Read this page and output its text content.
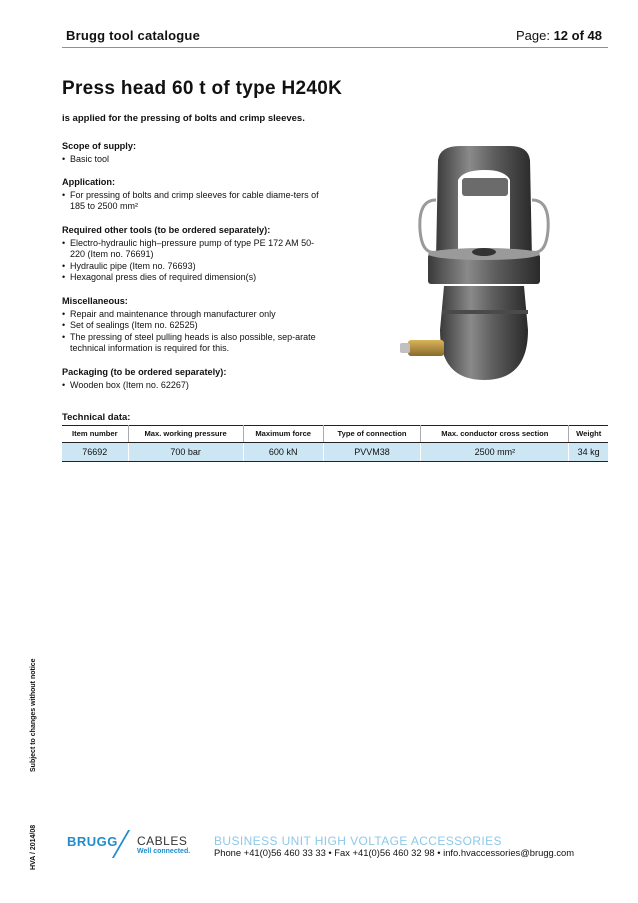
Brugg tool catalogue	Page: 12 of 48
Press head 60 t of type H240K
is applied for the pressing of bolts and crimp sleeves.
Scope of supply:
• Basic tool
Application:
• For pressing of bolts and crimp sleeves for cable diame-ters of 185 to 2500 mm²
Required other tools (to be ordered separately):
• Electro-hydraulic high–pressure pump of type PE 172 AM 50-220 (Item no. 76691)
• Hydraulic pipe (Item no. 76693)
• Hexagonal press dies of required dimension(s)
Miscellaneous:
• Repair and maintenance through manufacturer only
• Set of sealings (Item no. 62525)
• The pressing of steel pulling heads is also possible, sep-arate technical information is required for this.
Packaging (to be ordered separately):
• Wooden box (Item no. 62267)
Technical data:
Item number	Max. working pressure	Maximum force	Type of connection	Max. conductor cross section	Weight
76692	700 bar	600 kN	PVVM38	2500 mm²	34 kg
Subject to changes without notice
HVA / 2014/08 BRUGG CABLES
Well connected.
BUSINESS UNIT HIGH VOLTAGE ACCESSORIES
Phone +41(0)56 460 33 33 • Fax +41(0)56 460 32 98 • info.hvaccessories@brugg.com
